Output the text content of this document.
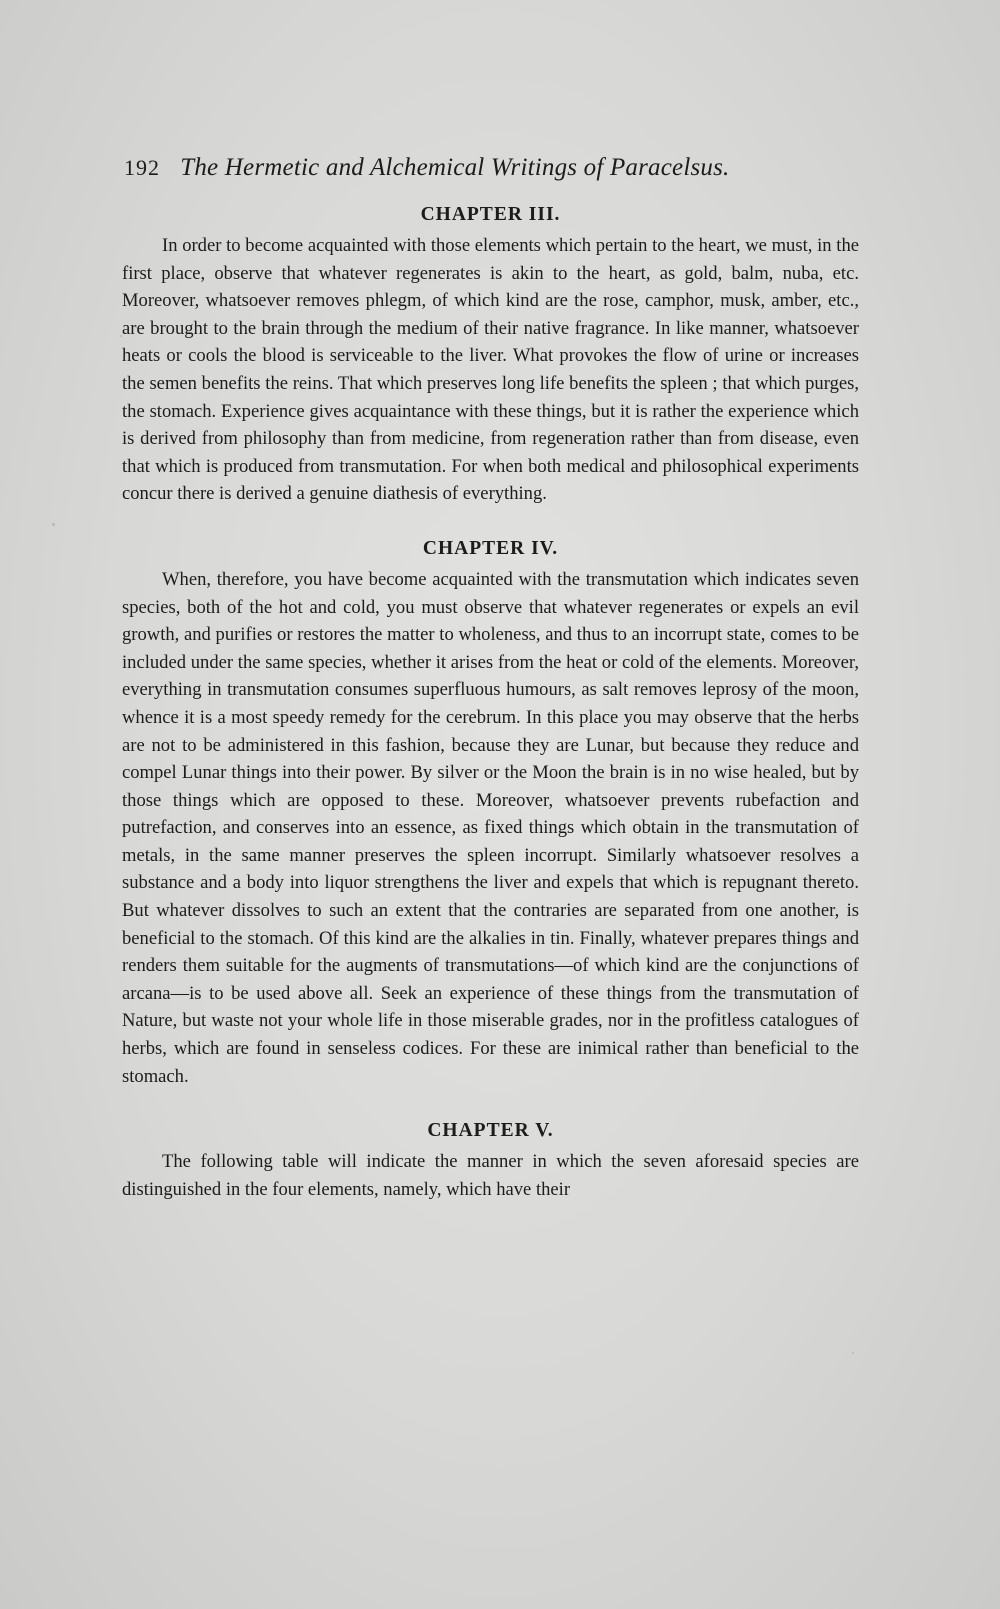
192 The Hermetic and Alchemical Writings of Paracelsus.
CHAPTER III.

In order to become acquainted with those elements which pertain to the heart, we must, in the first place, observe that whatever regenerates is akin to the heart, as gold, balm, nuba, etc. Moreover, whatsoever removes phlegm, of which kind are the rose, camphor, musk, amber, etc., are brought to the brain through the medium of their native fragrance. In like manner, whatsoever heats or cools the blood is serviceable to the liver. What provokes the flow of urine or increases the semen benefits the reins. That which preserves long life benefits the spleen ; that which purges, the stomach. Experience gives acquaintance with these things, but it is rather the experience which is derived from philosophy than from medicine, from regeneration rather than from disease, even that which is produced from transmutation. For when both medical and philosophical experiments concur there is derived a genuine diathesis of everything.

CHAPTER IV.

When, therefore, you have become acquainted with the transmutation which indicates seven species, both of the hot and cold, you must observe that whatever regenerates or expels an evil growth, and purifies or restores the matter to wholeness, and thus to an incorrupt state, comes to be included under the same species, whether it arises from the heat or cold of the elements. Moreover, everything in transmutation consumes superfluous humours, as salt removes leprosy of the moon, whence it is a most speedy remedy for the cerebrum. In this place you may observe that the herbs are not to be administered in this fashion, because they are Lunar, but because they reduce and compel Lunar things into their power. By silver or the Moon the brain is in no wise healed, but by those things which are opposed to these. Moreover, whatsoever prevents rubefaction and putrefaction, and conserves into an essence, as fixed things which obtain in the transmutation of metals, in the same manner preserves the spleen incorrupt. Similarly whatsoever resolves a substance and a body into liquor strengthens the liver and expels that which is repugnant thereto. But whatever dissolves to such an extent that the contraries are separated from one another, is beneficial to the stomach. Of this kind are the alkalies in tin. Finally, whatever prepares things and renders them suitable for the augments of transmutations—of which kind are the conjunctions of arcana—is to be used above all. Seek an experience of these things from the transmutation of Nature, but waste not your whole life in those miserable grades, nor in the profitless catalogues of herbs, which are found in senseless codices. For these are inimical rather than beneficial to the stomach.

CHAPTER V.

The following table will indicate the manner in which the seven aforesaid species are distinguished in the four elements, namely, which have their
